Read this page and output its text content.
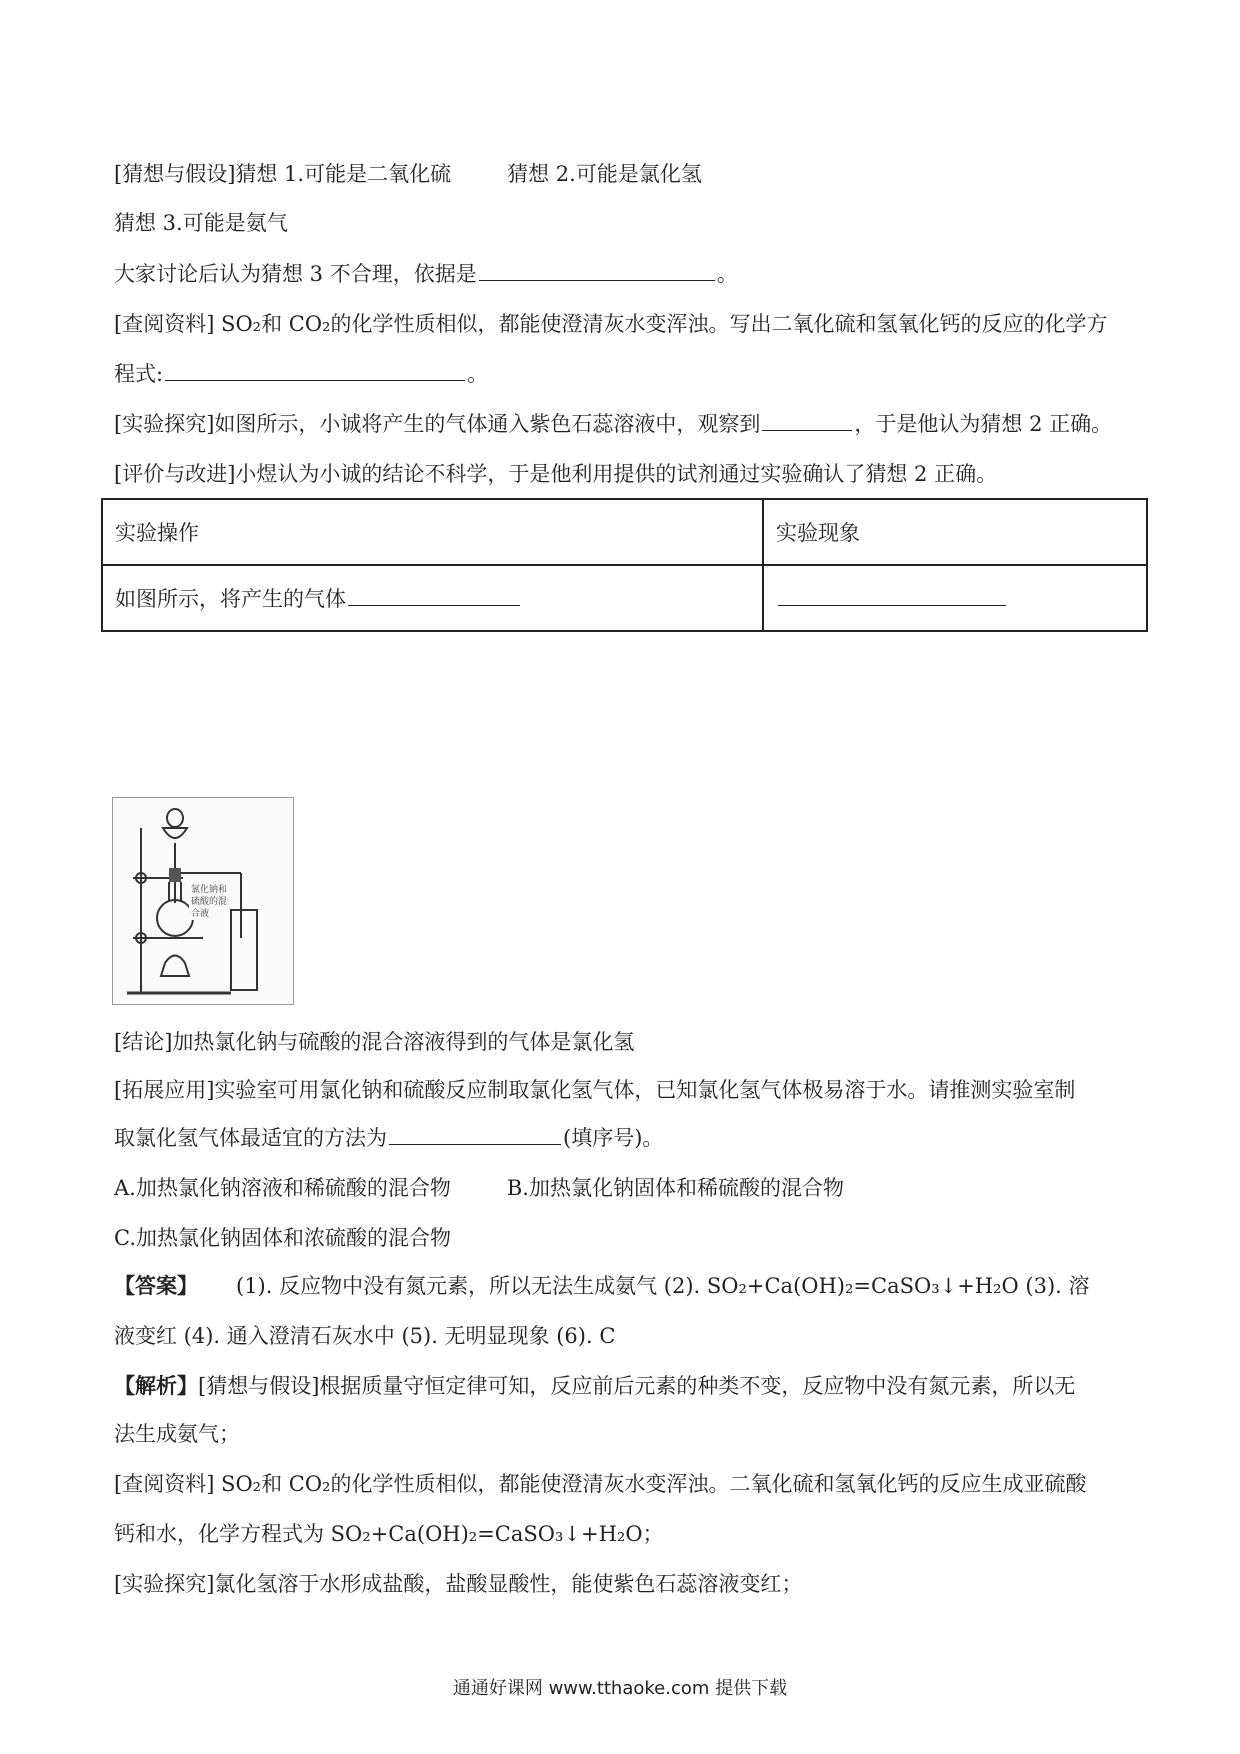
[猜想与假设]猜想 1.可能是二氧化硫	猜想 2.可能是氯化氢
猜想 3.可能是氨气
大家讨论后认为猜想 3 不合理，依据是	。
[查阅资料] SO₂和 CO₂的化学性质相似，都能使澄清灰水变浑浊。写出二氧化硫和氢氧化钙的反应的化学方
程式:	。
[实验探究]如图所示，小诚将产生的气体通入紫色石蕊溶液中，观察到	，于是他认为猜想 2 正确。
[评价与改进]小煜认为小诚的结论不科学，于是他利用提供的试剂通过实验确认了猜想 2 正确。
实验操作	实验现象
如图所示，将产生的气体	
氯化钠和
硫酸的混
合液
[结论]加热氯化钠与硫酸的混合溶液得到的气体是氯化氢
[拓展应用]实验室可用氯化钠和硫酸反应制取氯化氢气体，已知氯化氢气体极易溶于水。请推测实验室制
取氯化氢气体最适宜的方法为	(填序号)。
A.加热氯化钠溶液和稀硫酸的混合物	B.加热氯化钠固体和稀硫酸的混合物
C.加热氯化钠固体和浓硫酸的混合物
【答案】 (1). 反应物中没有氮元素，所以无法生成氨气 (2). SO₂+Ca(OH)₂=CaSO₃↓+H₂O (3). 溶
液变红 (4). 通入澄清石灰水中 (5). 无明显现象 (6). C
【解析】[猜想与假设]根据质量守恒定律可知，反应前后元素的种类不变，反应物中没有氮元素，所以无
法生成氨气；
[查阅资料] SO₂和 CO₂的化学性质相似，都能使澄清灰水变浑浊。二氧化硫和氢氧化钙的反应生成亚硫酸
钙和水，化学方程式为 SO₂+Ca(OH)₂=CaSO₃↓+H₂O；
[实验探究]氯化氢溶于水形成盐酸，盐酸显酸性，能使紫色石蕊溶液变红；
通通好课网 www.tthaoke.com 提供下载
